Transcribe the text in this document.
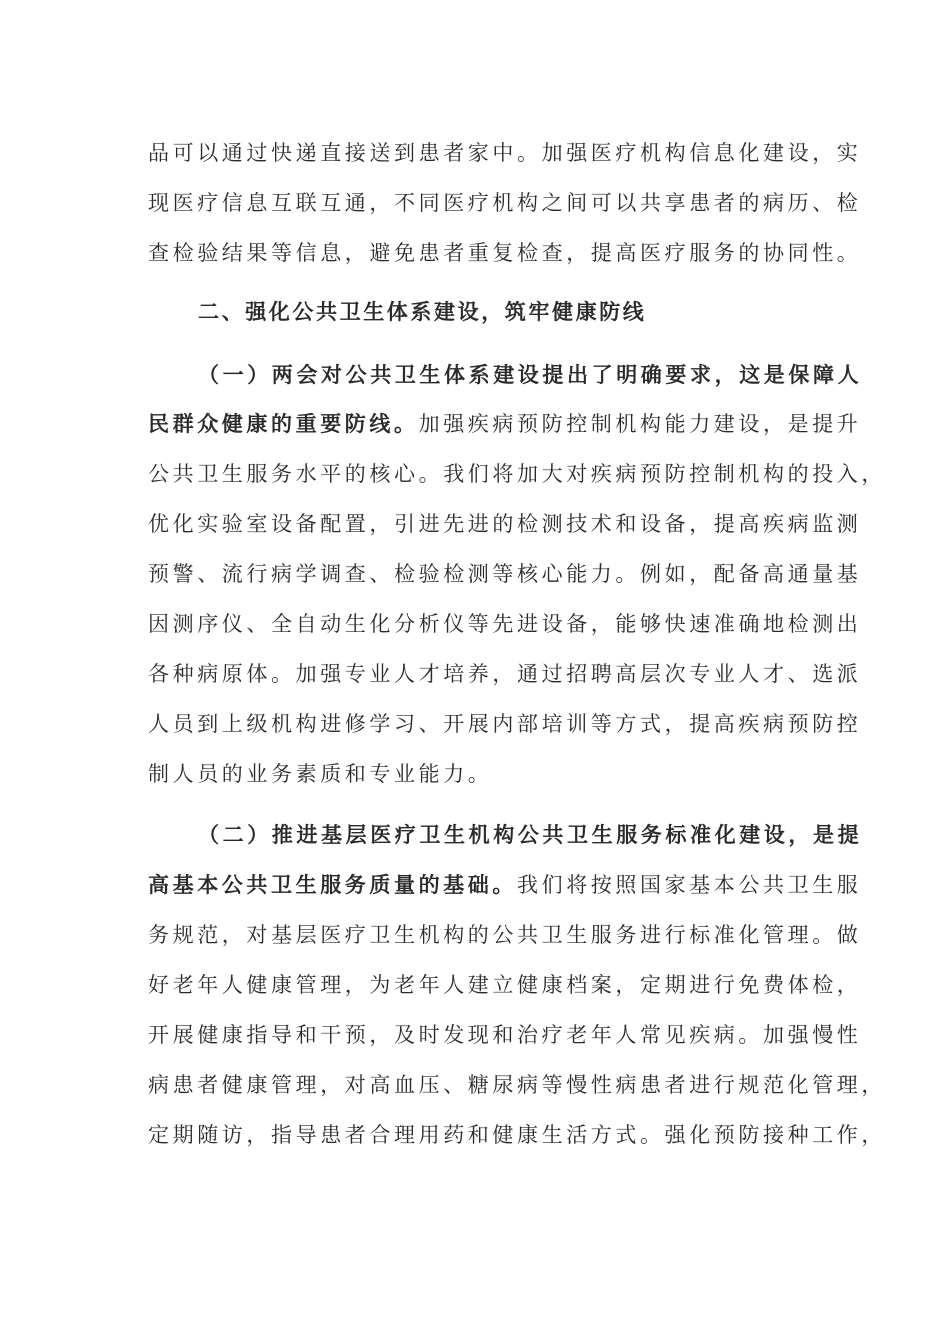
品可以通过快递直接送到患者家中。加强医疗机构信息化建设，实
现医疗信息互联互通，不同医疗机构之间可以共享患者的病历、检
查检验结果等信息，避免患者重复检查，提高医疗服务的协同性。
二、强化公共卫生体系建设，筑牢健康防线
（一）两会对公共卫生体系建设提出了明确要求，这是保障人
民群众健康的重要防线。加强疾病预防控制机构能力建设，是提升
公共卫生服务水平的核心。我们将加大对疾病预防控制机构的投入，
优化实验室设备配置，引进先进的检测技术和设备，提高疾病监测
预警、流行病学调查、检验检测等核心能力。例如，配备高通量基
因测序仪、全自动生化分析仪等先进设备，能够快速准确地检测出
各种病原体。加强专业人才培养，通过招聘高层次专业人才、选派
人员到上级机构进修学习、开展内部培训等方式，提高疾病预防控
制人员的业务素质和专业能力。
（二）推进基层医疗卫生机构公共卫生服务标准化建设，是提
高基本公共卫生服务质量的基础。我们将按照国家基本公共卫生服
务规范，对基层医疗卫生机构的公共卫生服务进行标准化管理。做
好老年人健康管理，为老年人建立健康档案，定期进行免费体检，
开展健康指导和干预，及时发现和治疗老年人常见疾病。加强慢性
病患者健康管理，对高血压、糖尿病等慢性病患者进行规范化管理，
定期随访，指导患者合理用药和健康生活方式。强化预防接种工作，
